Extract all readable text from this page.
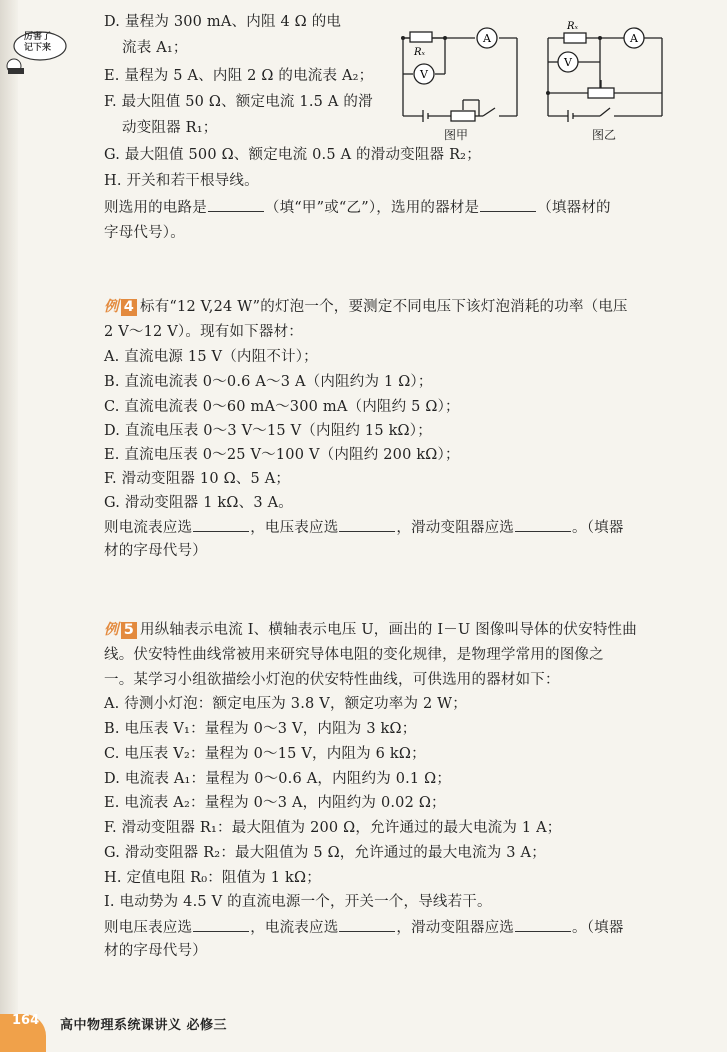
厉害了
记下来
D. 量程为 300 mA、内阻 4 Ω 的电
流表 A₁；
E. 量程为 5 A、内阻 2 Ω 的电流表 A₂；
F. 最大阻值 50 Ω、额定电流 1.5 A 的滑
动变阻器 R₁；
G. 最大阻值 500 Ω、额定电流 0.5 A 的滑动变阻器 R₂；
H. 开关和若干根导线。
则选用的电路是	（填“甲”或“乙”），选用的器材是	（填器材的
字母代号）。
A
V
Rₓ
图甲
A
V
Rₓ
图乙
例 4 标有“12 V,24 W”的灯泡一个，要测定不同电压下该灯泡消耗的功率（电压
2 V～12 V）。现有如下器材：
A. 直流电源 15 V（内阻不计）；
B. 直流电流表 0～0.6 A～3 A（内阻约为 1 Ω）；
C. 直流电流表 0～60 mA～300 mA（内阻约 5 Ω）；
D. 直流电压表 0～3 V～15 V（内阻约 15 kΩ）；
E. 直流电压表 0～25 V～100 V（内阻约 200 kΩ）；
F. 滑动变阻器 10 Ω、5 A；
G. 滑动变阻器 1 kΩ、3 A。
则电流表应选	，电压表应选	，滑动变阻器应选	。（填器
材的字母代号）
例 5 用纵轴表示电流 I、横轴表示电压 U，画出的 I－U 图像叫导体的伏安特性曲
线。伏安特性曲线常被用来研究导体电阻的变化规律，是物理学常用的图像之
一。某学习小组欲描绘小灯泡的伏安特性曲线，可供选用的器材如下：
A. 待测小灯泡：额定电压为 3.8 V，额定功率为 2 W；
B. 电压表 V₁：量程为 0～3 V，内阻为 3 kΩ；
C. 电压表 V₂：量程为 0～15 V，内阻为 6 kΩ；
D. 电流表 A₁：量程为 0～0.6 A，内阻约为 0.1 Ω；
E. 电流表 A₂：量程为 0～3 A，内阻约为 0.02 Ω；
F. 滑动变阻器 R₁：最大阻值为 200 Ω，允许通过的最大电流为 1 A；
G. 滑动变阻器 R₂：最大阻值为 5 Ω，允许通过的最大电流为 3 A；
H. 定值电阻 R₀：阻值为 1 kΩ；
I. 电动势为 4.5 V 的直流电源一个，开关一个，导线若干。
则电压表应选	，电流表应选	，滑动变阻器应选	。（填器
材的字母代号）
164 高中物理系统课讲义 必修三
